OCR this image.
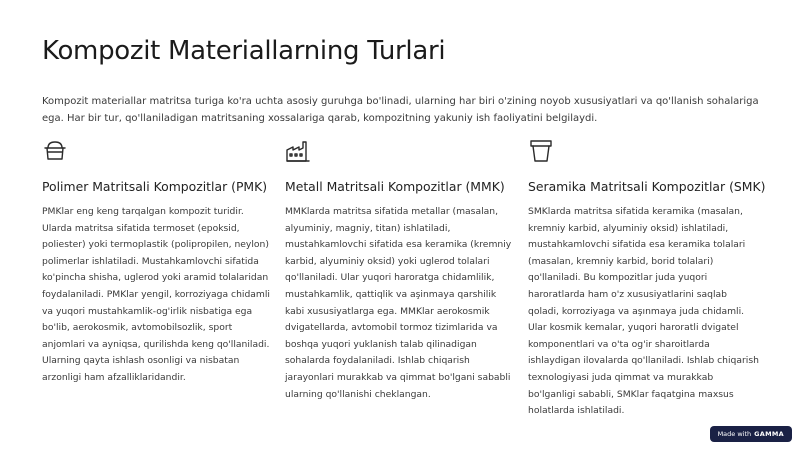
Kompozit Materiallarning Turlari

Kompozit materiallar matritsa turiga ko'ra uchta asosiy guruhga bo'linadi, ularning har biri o'zining noyob xususiyatlari va qo'llanish sohalariga ega. Har bir tur, qo'llaniladigan matritsaning xossalariga qarab, kompozitning yakuniy ish faoliyatini belgilaydi.

Polimer Matritsali Kompozitlar (PMK)

PMKlar eng keng tarqalgan kompozit turidir. Ularda matritsa sifatida termoset (epoksid, poliester) yoki termoplastik (polipropilen, neylon) polimerlar ishlatiladi. Mustahkamlovchi sifatida ko'pincha shisha, uglerod yoki aramid tolalaridan foydalaniladi. PMKlar yengil, korroziyaga chidamli va yuqori mustahkamlik-og'irlik nisbatiga ega bo'lib, aerokosmik, avtomobilsozlik, sport anjomlari va ayniqsa, qurilishda keng qo'llaniladi. Ularning qayta ishlash osonligi va nisbatan arzonligi ham afzalliklaridandir.

Metall Matritsali Kompozitlar (MMK)

MMKlarda matritsa sifatida metallar (masalan, alyuminiy, magniy, titan) ishlatiladi, mustahkamlovchi sifatida esa keramika (kremniy karbid, alyuminiy oksid) yoki uglerod tolalari qo'llaniladi. Ular yuqori haroratga chidamlilik, mustahkamlik, qattiqlik va aşinmaya qarshilik kabi xususiyatlarga ega. MMKlar aerokosmik dvigatellarda, avtomobil tormoz tizimlarida va boshqa yuqori yuklanish talab qilinadigan sohalarda foydalaniladi. Ishlab chiqarish jarayonlari murakkab va qimmat bo'lgani sababli ularning qo'llanishi cheklangan.

Seramika Matritsali Kompozitlar (SMK)

SMKlarda matritsa sifatida keramika (masalan, kremniy karbid, alyuminiy oksid) ishlatiladi, mustahkamlovchi sifatida esa keramika tolalari (masalan, kremniy karbid, borid tolalari) qo'llaniladi. Bu kompozitlar juda yuqori haroratlarda ham o'z xususiyatlarini saqlab qoladi, korroziyaga va aşınmaya juda chidamli. Ular kosmik kemalar, yuqori haroratli dvigatel komponentlari va o'ta og'ir sharoitlarda ishlaydigan ilovalarda qo'llaniladi. Ishlab chiqarish texnologiyasi juda qimmat va murakkab bo'lganligi sababli, SMKlar faqatgina maxsus holatlarda ishlatiladi.

Made with GAMMA
